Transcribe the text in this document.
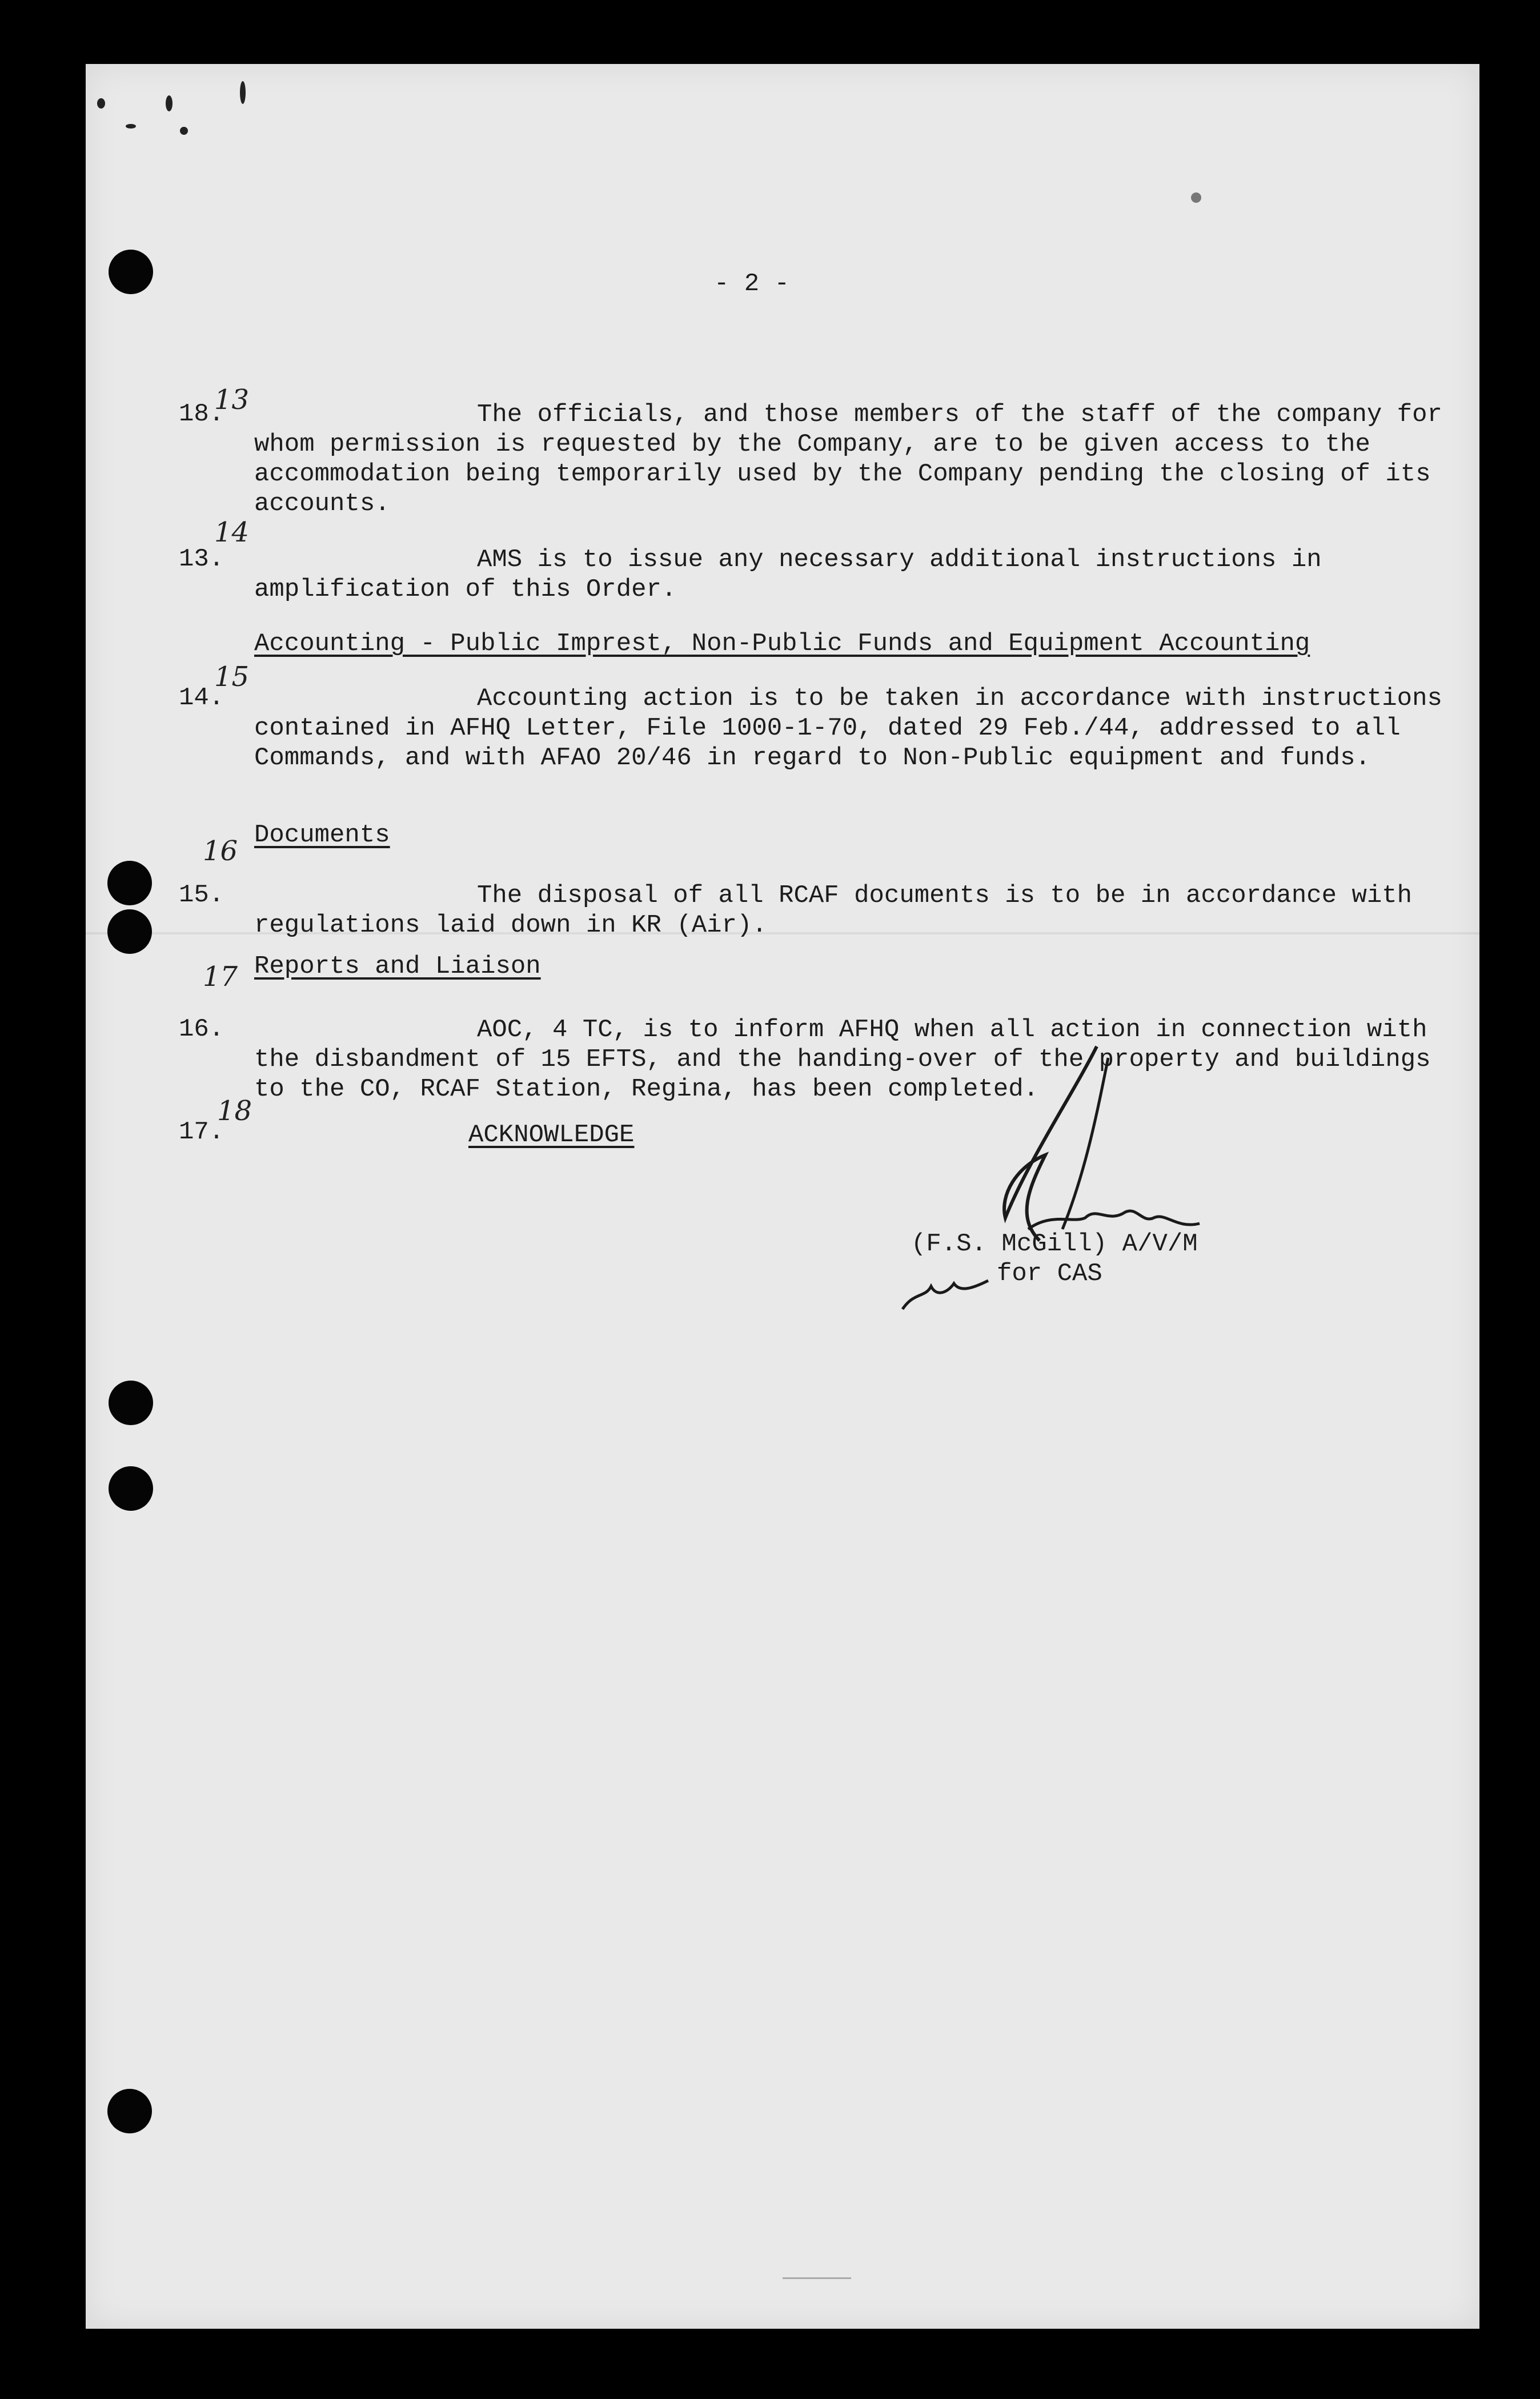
- 2 -
18.
13	The officials, and those members of the staff of the company for whom permission is requested by the Company, are to be given access to the accommodation being temporarily used by the Company pending the closing of its accounts.
13.
14
AMS is to issue any necessary additional instructions in amplification of this Order.
Accounting - Public Imprest, Non-Public Funds and Equipment Accounting
14.
15
Accounting action is to be taken in accordance with instructions contained in AFHQ Letter, File 1000-1-70, dated 29 Feb./44, addressed to all Commands, and with AFAO 20/46 in regard to Non-Public equipment and funds.
Documents
15.
16
The disposal of all RCAF documents is to be in accordance with regulations laid down in KR (Air).
Reports and Liaison
16.
17
AOC, 4 TC, is to inform AFHQ when all action in connection with the disbandment of 15 EFTS, and the handing-over of the property and buildings to the CO, RCAF Station, Regina, has been completed.
17.
18
ACKNOWLEDGE
(F.S. McGill) A/V/M
for CAS
